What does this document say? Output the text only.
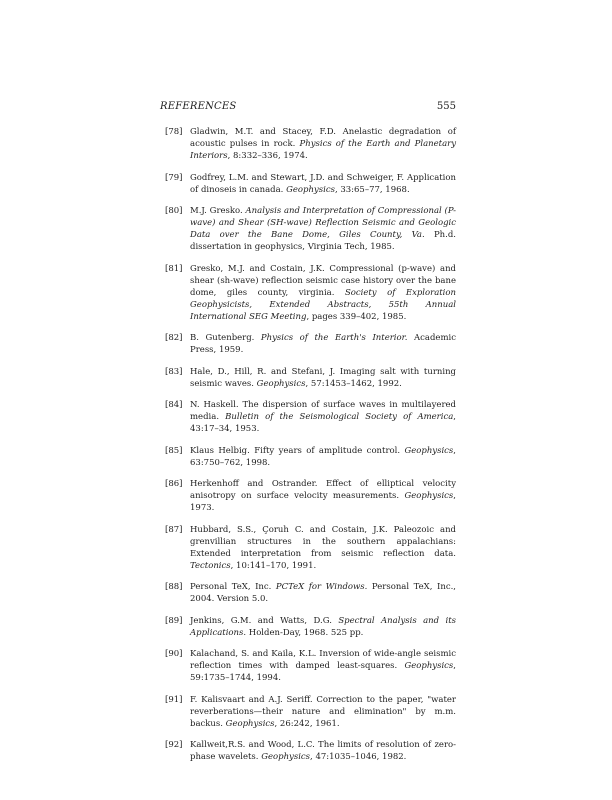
REFERENCES	555
[78] Gladwin, M.T. and Stacey, F.D. Anelastic degradation of acoustic pulses in rock. Physics of the Earth and Planetary Interiors, 8:332–336, 1974.
[79] Godfrey, L.M. and Stewart, J.D. and Schweiger, F. Application of dinoseis in canada. Geophysics, 33:65–77, 1968.
[80] M.J. Gresko. Analysis and Interpretation of Compressional (P-wave) and Shear (SH-wave) Reflection Seismic and Geologic Data over the Bane Dome, Giles County, Va. Ph.d. dissertation in geophysics, Virginia Tech, 1985.
[81] Gresko, M.J. and Costain, J.K. Compressional (p-wave) and shear (sh-wave) reflection seismic case history over the bane dome, giles county, virginia. Society of Exploration Geophysicists, Extended Abstracts, 55th Annual International SEG Meeting, pages 339–402, 1985.
[82] B. Gutenberg. Physics of the Earth's Interior. Academic Press, 1959.
[83] Hale, D., Hill, R. and Stefani, J. Imaging salt with turning seismic waves. Geophysics, 57:1453–1462, 1992.
[84] N. Haskell. The dispersion of surface waves in multilayered media. Bulletin of the Seismological Society of America, 43:17–34, 1953.
[85] Klaus Helbig. Fifty years of amplitude control. Geophysics, 63:750–762, 1998.
[86] Herkenhoff and Ostrander. Effect of elliptical velocity anisotropy on surface velocity measurements. Geophysics, 1973.
[87] Hubbard, S.S., Çoruh C. and Costain, J.K. Paleozoic and grenvillian structures in the southern appalachians: Extended interpretation from seismic reflection data. Tectonics, 10:141–170, 1991.
[88] Personal TeX, Inc. PCTeX for Windows. Personal TeX, Inc., 2004. Version 5.0.
[89] Jenkins, G.M. and Watts, D.G. Spectral Analysis and its Applications. Holden-Day, 1968. 525 pp.
[90] Kalachand, S. and Kaila, K.L. Inversion of wide-angle seismic reflection times with damped least-squares. Geophysics, 59:1735–1744, 1994.
[91] F. Kalisvaart and A.J. Seriff. Correction to the paper, "water reverberations—their nature and elimination" by m.m. backus. Geophysics, 26:242, 1961.
[92] Kallweit,R.S. and Wood, L.C. The limits of resolution of zero-phase wavelets. Geophysics, 47:1035–1046, 1982.
